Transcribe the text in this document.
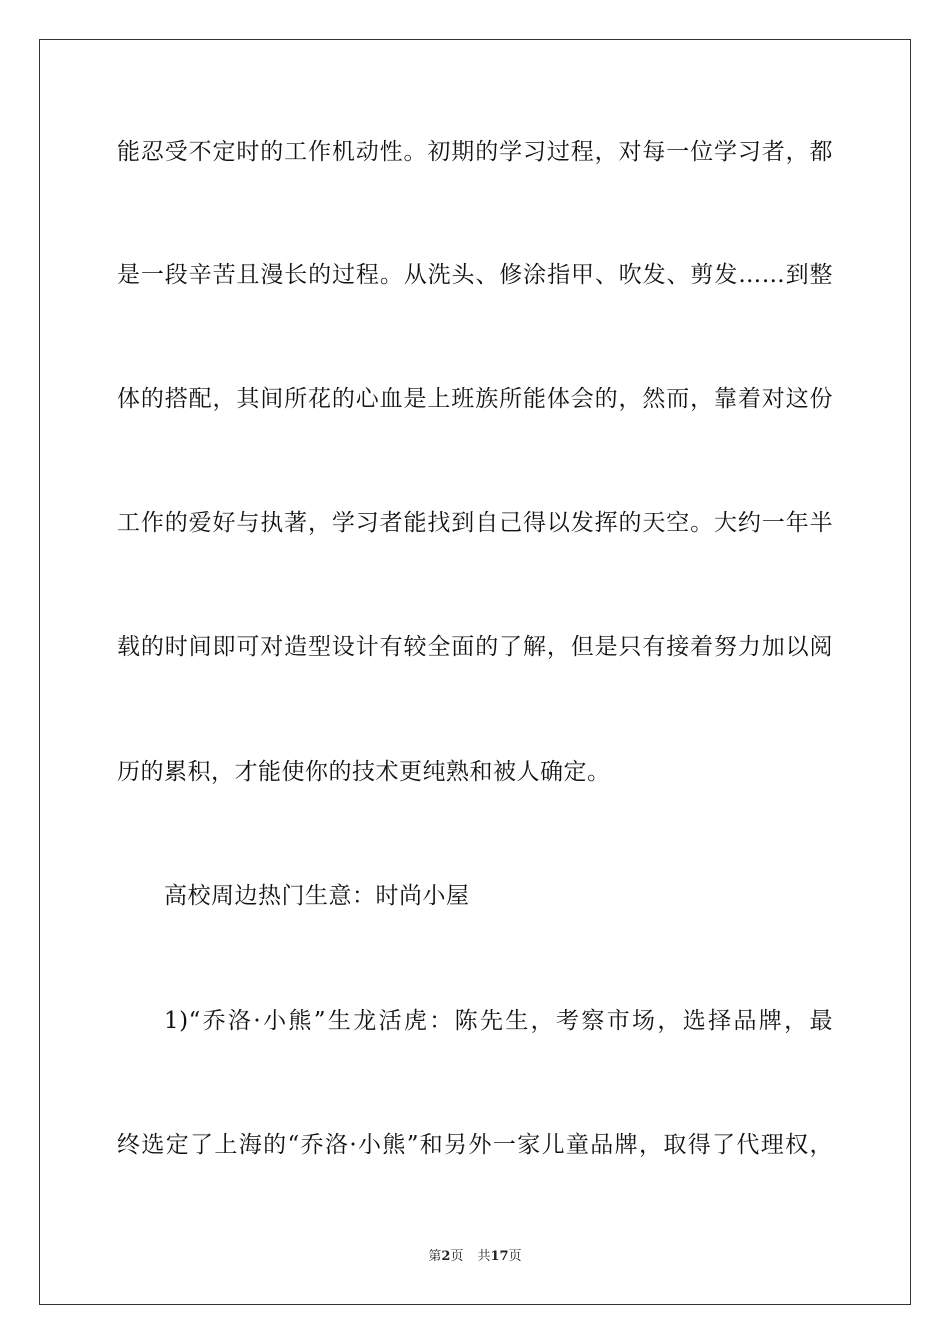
能忍受不定时的工作机动性。初期的学习过程，对每一位学习者，都
是一段辛苦且漫长的过程。从洗头、修涂指甲、吹发、剪发……到整
体的搭配，其间所花的心血是上班族所能体会的，然而，靠着对这份
工作的爱好与执著，学习者能找到自己得以发挥的天空。大约一年半
载的时间即可对造型设计有较全面的了解，但是只有接着努力加以阅
历的累积，才能使你的技术更纯熟和被人确定。
高校周边热门生意：时尚小屋
1)“乔洛·小熊”生龙活虎：陈先生，考察市场，选择品牌，最
终选定了上海的“乔洛·小熊”和另外一家儿童品牌，取得了代理权，
第2页 共17页
